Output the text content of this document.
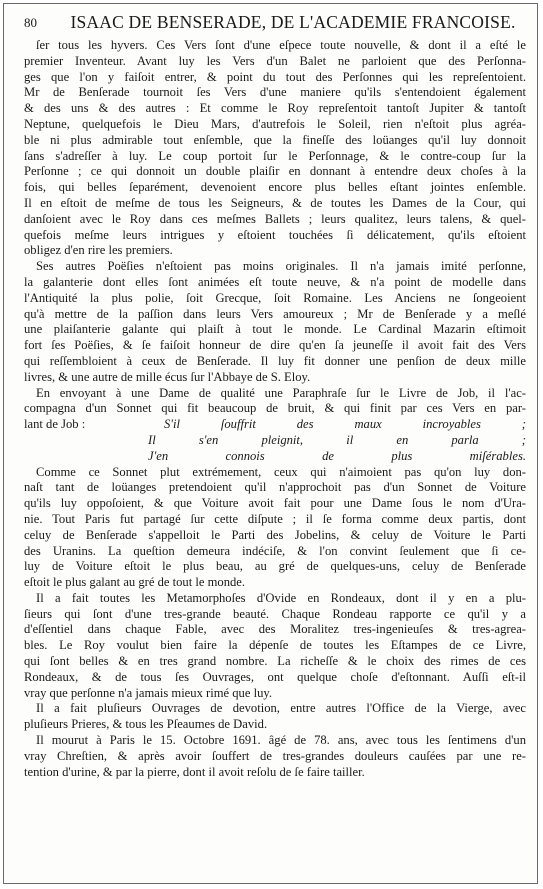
80	ISAAC DE BENSERADE, DE L'ACADEMIE FRANCOISE.
ſer tous les hyvers. Ces Vers ſont d'une eſpece toute nouvelle, & dont il a eſté le
premier Inventeur. Avant luy les Vers d'un Balet ne parloient que des Perſonna-
ges que l'on y faiſoit entrer, & point du tout des Perſonnes qui les repreſentoient.
Mr de Benſerade tournoit ſes Vers d'une maniere qu'ils s'entendoient également
& des uns & des autres : Et comme le Roy repreſentoit tantoſt Jupiter & tantoſt
Neptune, quelquefois le Dieu Mars, d'autrefois le Soleil, rien n'eſtoit plus agréa-
ble ni plus admirable tout enſemble, que la fineſſe des loüanges qu'il luy donnoit
ſans s'adreſſer à luy. Le coup portoit ſur le Perſonnage, & le contre-coup ſur la
Perſonne ; ce qui donnoit un double plaiſir en donnant à entendre deux choſes à la
fois, qui belles ſeparément, devenoient encore plus belles eſtant jointes enſemble.
Il en eſtoit de meſme de tous les Seigneurs, & de toutes les Dames de la Cour, qui
danſoient avec le Roy dans ces meſmes Ballets ; leurs qualitez, leurs talens, & quel-
quefois meſme leurs intrigues y eſtoient touchées ſi délicatement, qu'ils eſtoient
obligez d'en rire les premiers.
Ses autres Poëſies n'eſtoient pas moins originales. Il n'a jamais imité perſonne,
la galanterie dont elles ſont animées eſt toute neuve, & n'a point de modelle dans
l'Antiquité la plus polie, ſoit Grecque, ſoit Romaine. Les Anciens ne ſongeoient
qu'à mettre de la paſſion dans leurs Vers amoureux ; Mr de Benſerade y a meſlé
une plaiſanterie galante qui plaiſt à tout le monde. Le Cardinal Mazarin eſtimoit
fort ſes Poëſies, & ſe faiſoit honneur de dire qu'en ſa jeuneſſe il avoit fait des Vers
qui reſſembloient à ceux de Benſerade. Il luy fit donner une penſion de deux mille
livres, & une autre de mille écus ſur l'Abbaye de S. Eloy.
En envoyant à une Dame de qualité une Paraphraſe ſur le Livre de Job, il l'ac-
compagna d'un Sonnet qui fit beaucoup de bruit, & qui finit par ces Vers en par-
lant de Job :	S'il ſouffrit des maux incroyables ;
Il s'en pleignit, il en parla ;
J'en connois de plus miſérables.
Comme ce Sonnet plut extrémement, ceux qui n'aimoient pas qu'on luy don-
naſt tant de loüanges pretendoient qu'il n'approchoit pas d'un Sonnet de Voiture
qu'ils luy oppoſoient, & que Voiture avoit fait pour une Dame ſous le nom d'Ura-
nie. Tout Paris fut partagé ſur cette diſpute ; il ſe forma comme deux partis, dont
celuy de Benſerade s'appelloit le Parti des Jobelins, & celuy de Voiture le Parti
des Uranins. La queſtion demeura indéciſe, & l'on convint ſeulement que ſi ce-
luy de Voiture eſtoit le plus beau, au gré de quelques-uns, celuy de Benſerade
eſtoit le plus galant au gré de tout le monde.
Il a fait toutes les Metamorphoſes d'Ovide en Rondeaux, dont il y en a plu-
ſieurs qui ſont d'une tres-grande beauté. Chaque Rondeau rapporte ce qu'il y a
d'eſſentiel dans chaque Fable, avec des Moralitez tres-ingenieuſes & tres-agrea-
bles. Le Roy voulut bien faire la dépenſe de toutes les Eſtampes de ce Livre,
qui ſont belles & en tres grand nombre. La richeſſe & le choix des rimes de ces
Rondeaux, & de tous ſes Ouvrages, ont quelque choſe d'eſtonnant. Auſſi eſt-il
vray que perſonne n'a jamais mieux rimé que luy.
Il a fait pluſieurs Ouvrages de devotion, entre autres l'Office de la Vierge, avec
pluſieurs Prieres, & tous les Pſeaumes de David.
Il mourut à Paris le 15. Octobre 1691. âgé de 78. ans, avec tous les ſentimens d'un
vray Chreſtien, & après avoir ſouffert de tres-grandes douleurs cauſées par une re-
tention d'urine, & par la pierre, dont il avoit reſolu de ſe faire tailler.
